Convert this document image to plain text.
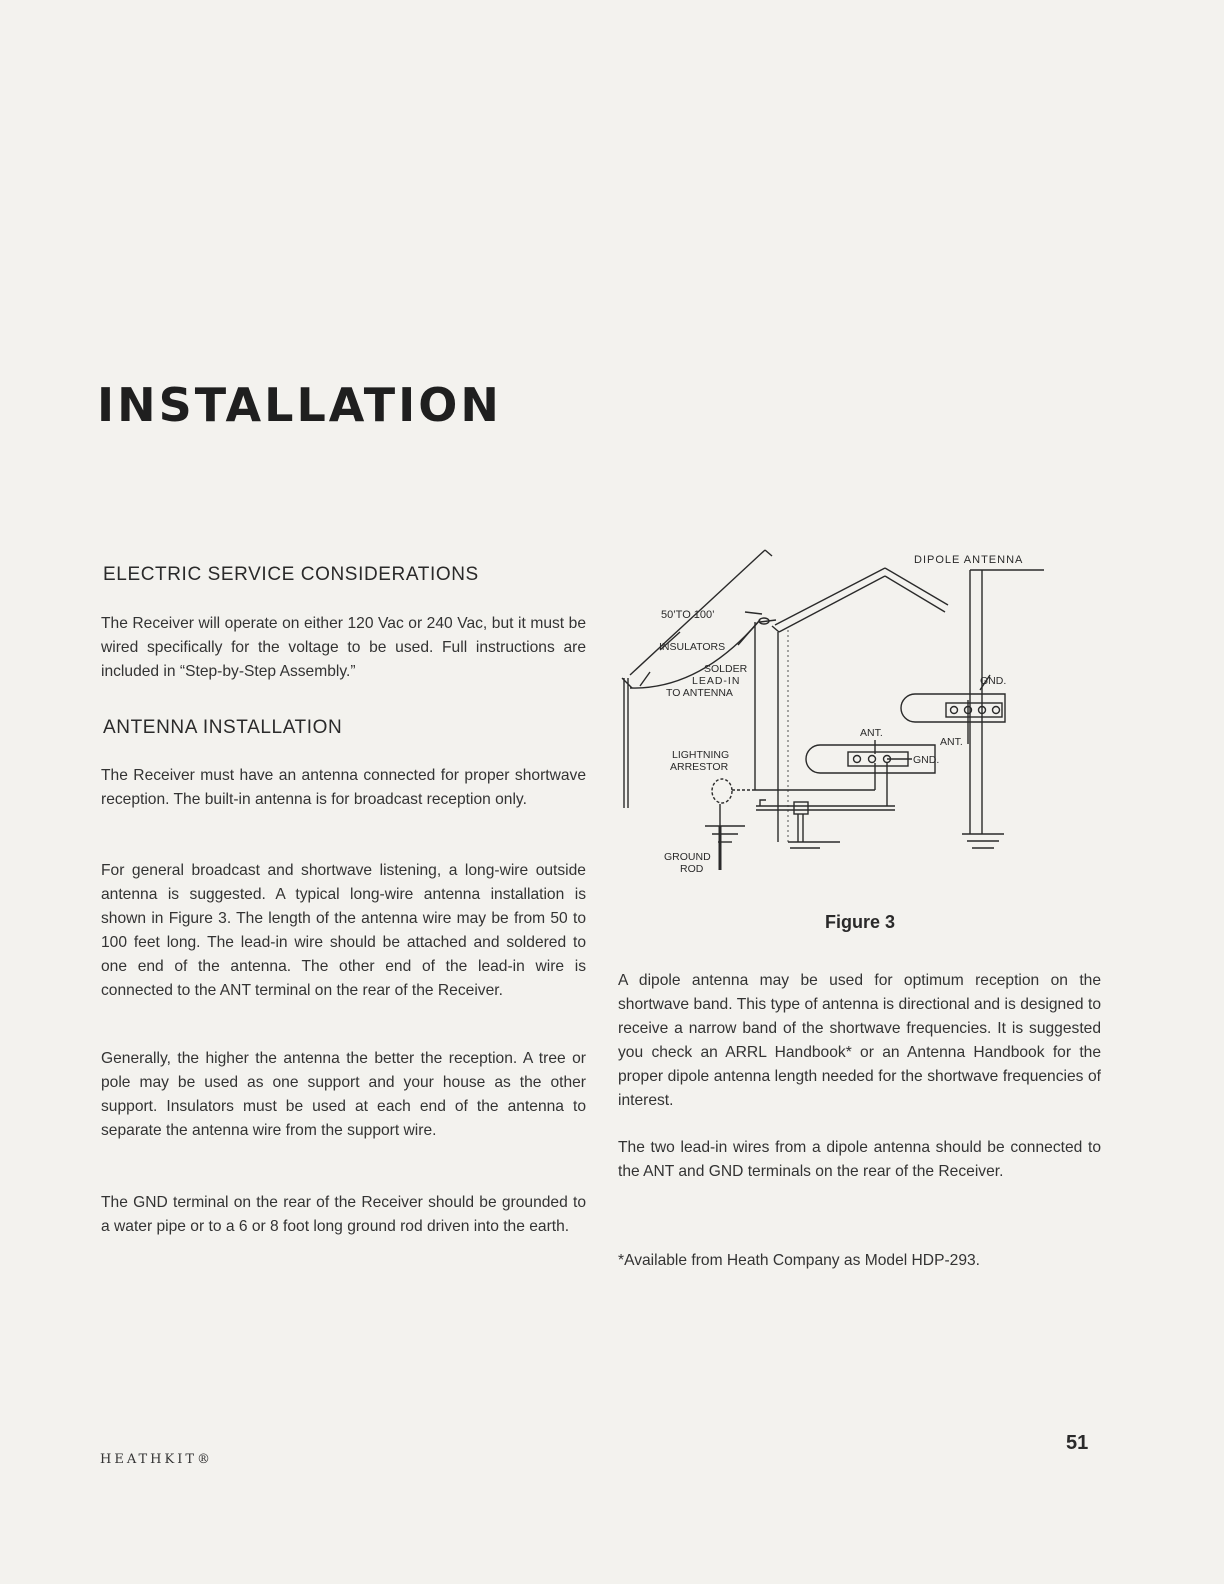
INSTALLATION
ELECTRIC SERVICE CONSIDERATIONS

The Receiver will operate on either 120 Vac or 240 Vac, but it must be wired specifically for the voltage to be used. Full instructions are included in “Step-by-Step Assembly.”

ANTENNA INSTALLATION

The Receiver must have an antenna connected for proper shortwave reception. The built-in antenna is for broadcast reception only.

For general broadcast and shortwave listening, a long-wire outside antenna is suggested. A typical long-wire antenna installation is shown in Figure 3. The length of the antenna wire may be from 50 to 100 feet long. The lead-in wire should be attached and soldered to one end of the antenna. The other end of the lead-in wire is connected to the ANT terminal on the rear of the Receiver.

Generally, the higher the antenna the better the reception. A tree or pole may be used as one support and your house as the other support. Insulators must be used at each end of the antenna to separate the antenna wire from the support wire.

The GND terminal on the rear of the Receiver should be grounded to a water pipe or to a 6 or 8 foot long ground rod driven into the earth.

A dipole antenna may be used for optimum reception on the shortwave band. This type of antenna is directional and is designed to receive a narrow band of the shortwave frequencies. It is suggested you check an ARRL Handbook* or an Antenna Handbook for the proper dipole antenna length needed for the shortwave frequencies of interest.

The two lead-in wires from a dipole antenna should be connected to the ANT and GND terminals on the rear of the Receiver.

*Available from Heath Company as Model HDP-293.

DIPOLE ANTENNA
50’TO 100’
INSULATORS
SOLDER
LEAD-IN
TO ANTENNA
GND.
ANT.
ANT.
GND.
LIGHTNING
ARRESTOR
GROUND
ROD

Figure 3

HEATHKIT®
51
